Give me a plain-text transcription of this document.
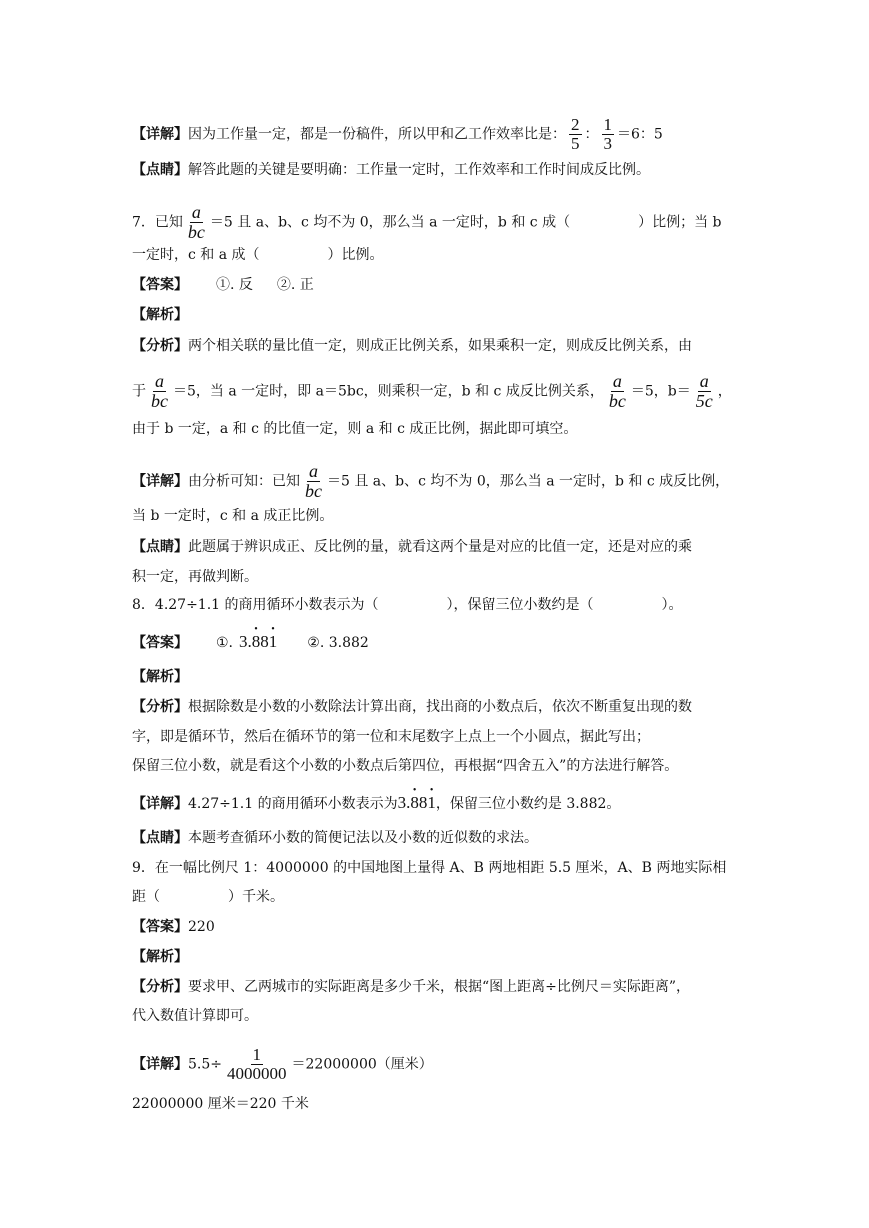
【详解】因为工作量一定，都是一份稿件，所以甲和乙工作效率比是： $\frac{2}{5}$ ： $\frac{1}{3} =6$：5
【点睛】解答此题的关键是要明确：工作量一定时，工作效率和工作时间成反比例。
7．已知 $\frac{a}{bc} =5$ 且 a、b、c 均不为 0，那么当 a 一定时，b 和 c 成（	）比例；当 b
一定时，c 和 a 成（	）比例。
【答案】 ①. 反 ②. 正
【解析】
【分析】两个相关联的量比值一定，则成正比例关系，如果乘积一定，则成反比例关系，由
于 $\frac{a}{bc} =5$，当 a 一定时，即 a＝5bc，则乘积一定，b 和 c 成反比例关系， $\frac{a}{bc} =5$，$b= \frac{a}{5c}$ ，
由于 b 一定，a 和 c 的比值一定，则 a 和 c 成正比例，据此即可填空。
【详解】由分析可知：已知 $\frac{a}{bc} =5$ 且 a、b、c 均不为 0，那么当 a 一定时，b 和 c 成反比例，
当 b 一定时，c 和 a 成正比例。
【点睛】此题属于辨识成正、反比例的量，就看这两个量是对应的比值一定，还是对应的乘
积一定，再做判断。
8．4.27÷1.1 的商用循环小数表示为（	），保留三位小数约是（	）。
【答案】 ①. 3.
•
88
•
1 ②. 3.882
【解析】
【分析】根据除数是小数的小数除法计算出商，找出商的小数点后，依次不断重复出现的数
字，即是循环节，然后在循环节的第一位和末尾数字上点上一个小圆点，据此写出；
保留三位小数，就是看这个小数的小数点后第四位，再根据“四舍五入”的方法进行解答。
【详解】4.27÷1.1 的商用循环小数表示为3.
•
88
•
1，保留三位小数约是 3.882。
【点睛】本题考查循环小数的简便记法以及小数的近似数的求法。
9．在一幅比例尺 1：4000000 的中国地图上量得 A、B 两地相距 5.5 厘米，A、B 两地实际相
距（	）千米。
【答案】220
【解析】
【分析】要求甲、乙两城市的实际距离是多少千米，根据“图上距离÷比例尺＝实际距离”，
代入数值计算即可。
【详解】$5.5\div \frac{1}{4000000} =22000000$（厘米）
22000000 厘米＝220 千米
